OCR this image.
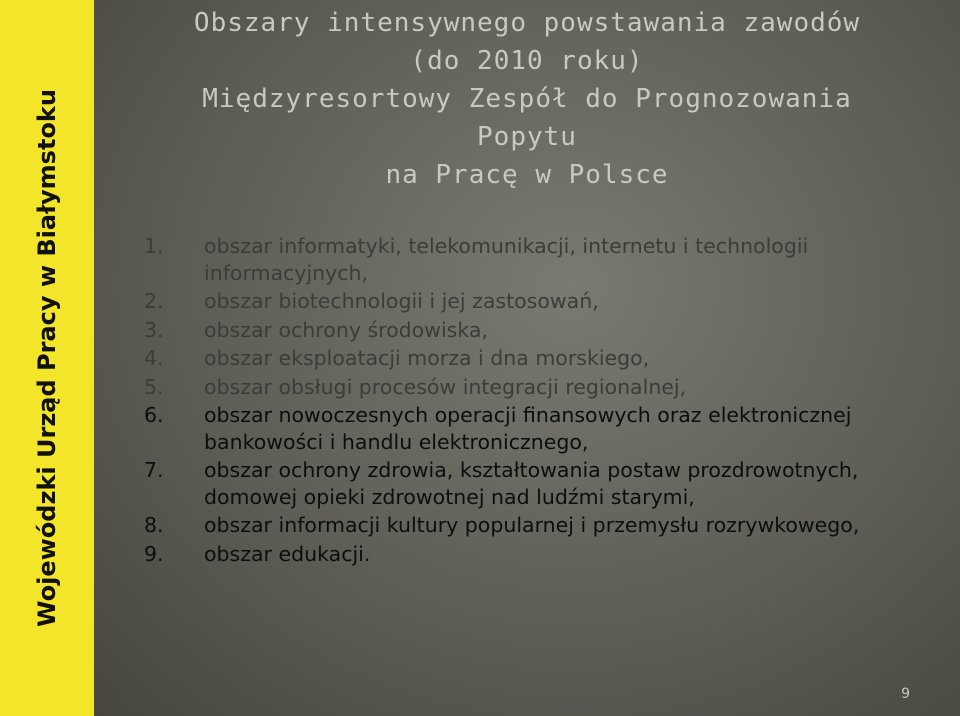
Wojewódzki Urząd Pracy w Białymstoku
Obszary intensywnego powstawania zawodów
(do 2010 roku)
Międzyresortowy Zespół do Prognozowania
Popytu
na Pracę w Polsce
1.	obszar informatyki, telekomunikacji, internetu i technologii informacyjnych,
2.	obszar biotechnologii i jej zastosowań,
3.	obszar ochrony środowiska,
4.	obszar eksploatacji morza i dna morskiego,
5.	obszar obsługi procesów integracji regionalnej,
6.	obszar nowoczesnych operacji finansowych oraz elektronicznej bankowości i handlu elektronicznego,
7.	obszar ochrony zdrowia, kształtowania postaw prozdrowotnych, domowej opieki zdrowotnej nad ludźmi starymi,
8.	obszar informacji kultury popularnej i przemysłu rozrywkowego,
9.	obszar edukacji.
9
